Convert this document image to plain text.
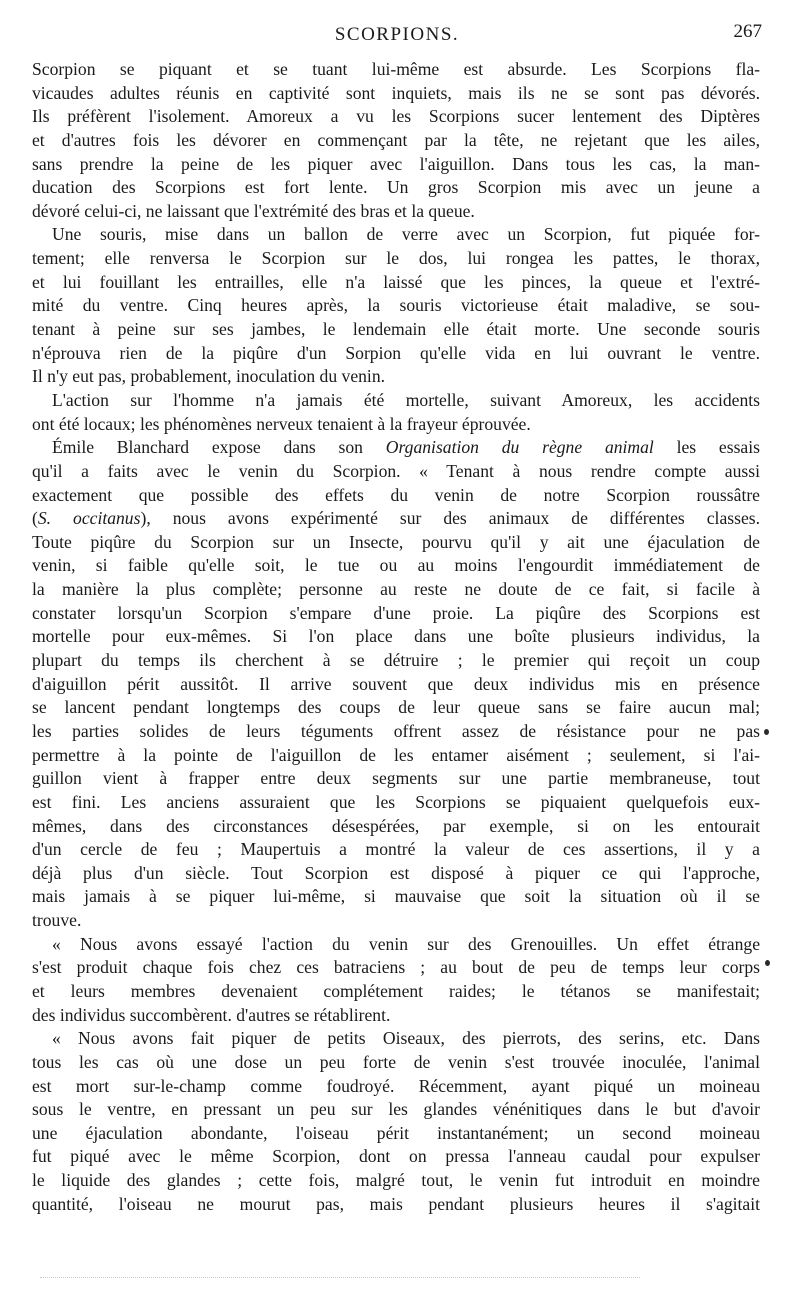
SCORPIONS.	267
Scorpion se piquant et se tuant lui-même est absurde. Les Scorpions fla-
vicaudes adultes réunis en captivité sont inquiets, mais ils ne se sont pas dévorés.
Ils préfèrent l'isolement. Amoreux a vu les Scorpions sucer lentement des Diptères
et d'autres fois les dévorer en commençant par la tête, ne rejetant que les ailes,
sans prendre la peine de les piquer avec l'aiguillon. Dans tous les cas, la man-
ducation des Scorpions est fort lente. Un gros Scorpion mis avec un jeune a
dévoré celui-ci, ne laissant que l'extrémité des bras et la queue.
Une souris, mise dans un ballon de verre avec un Scorpion, fut piquée for-
tement; elle renversa le Scorpion sur le dos, lui rongea les pattes, le thorax,
et lui fouillant les entrailles, elle n'a laissé que les pinces, la queue et l'extré-
mité du ventre. Cinq heures après, la souris victorieuse était maladive, se sou-
tenant à peine sur ses jambes, le lendemain elle était morte. Une seconde souris
n'éprouva rien de la piqûre d'un Sorpion qu'elle vida en lui ouvrant le ventre.
Il n'y eut pas, probablement, inoculation du venin.
L'action sur l'homme n'a jamais été mortelle, suivant Amoreux, les accidents
ont été locaux; les phénomènes nerveux tenaient à la frayeur éprouvée.
Émile Blanchard expose dans son Organisation du règne animal les essais
qu'il a faits avec le venin du Scorpion. « Tenant à nous rendre compte aussi
exactement que possible des effets du venin de notre Scorpion roussâtre
(S. occitanus), nous avons expérimenté sur des animaux de différentes classes.
Toute piqûre du Scorpion sur un Insecte, pourvu qu'il y ait une éjaculation de
venin, si faible qu'elle soit, le tue ou au moins l'engourdit immédiatement de
la manière la plus complète; personne au reste ne doute de ce fait, si facile à
constater lorsqu'un Scorpion s'empare d'une proie. La piqûre des Scorpions est
mortelle pour eux-mêmes. Si l'on place dans une boîte plusieurs individus, la
plupart du temps ils cherchent à se détruire ; le premier qui reçoit un coup
d'aiguillon périt aussitôt. Il arrive souvent que deux individus mis en présence
se lancent pendant longtemps des coups de leur queue sans se faire aucun mal;
les parties solides de leurs téguments offrent assez de résistance pour ne pas
permettre à la pointe de l'aiguillon de les entamer aisément ; seulement, si l'ai-
guillon vient à frapper entre deux segments sur une partie membraneuse, tout
est fini. Les anciens assuraient que les Scorpions se piquaient quelquefois eux-
mêmes, dans des circonstances désespérées, par exemple, si on les entourait
d'un cercle de feu ; Maupertuis a montré la valeur de ces assertions, il y a
déjà plus d'un siècle. Tout Scorpion est disposé à piquer ce qui l'approche,
mais jamais à se piquer lui-même, si mauvaise que soit la situation où il se
trouve.
« Nous avons essayé l'action du venin sur des Grenouilles. Un effet étrange
s'est produit chaque fois chez ces batraciens ; au bout de peu de temps leur corps
et leurs membres devenaient complétement raides; le tétanos se manifestait;
des individus succombèrent. d'autres se rétablirent.
« Nous avons fait piquer de petits Oiseaux, des pierrots, des serins, etc. Dans
tous les cas où une dose un peu forte de venin s'est trouvée inoculée, l'animal
est mort sur-le-champ comme foudroyé. Récemment, ayant piqué un moineau
sous le ventre, en pressant un peu sur les glandes vénénitiques dans le but d'avoir
une éjaculation abondante, l'oiseau périt instantanément; un second moineau
fut piqué avec le même Scorpion, dont on pressa l'anneau caudal pour expulser
le liquide des glandes ; cette fois, malgré tout, le venin fut introduit en moindre
quantité, l'oiseau ne mourut pas, mais pendant plusieurs heures il s'agitait
